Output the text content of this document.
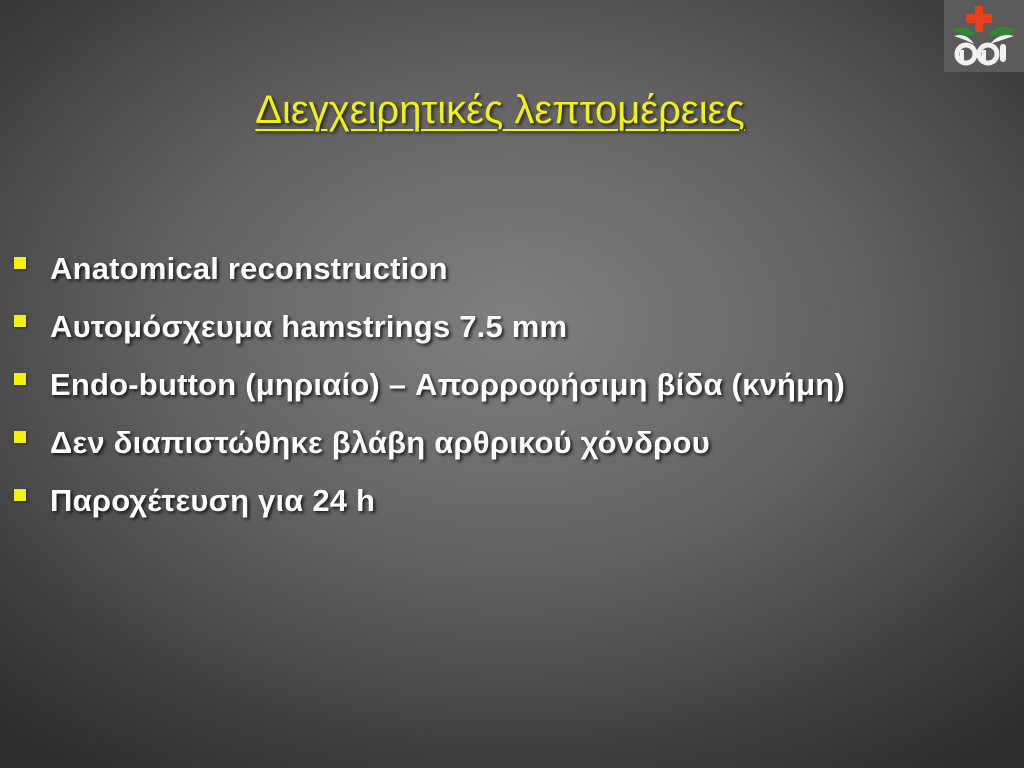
Διεγχειρητικές λεπτομέρειες
Anatomical reconstruction
Αυτομόσχευμα hamstrings 7.5 mm
Endo-button (μηριαίο) – Απορροφήσιμη βίδα (κνήμη)
Δεν διαπιστώθηκε βλάβη αρθρικού χόνδρου
Παροχέτευση για 24 h
